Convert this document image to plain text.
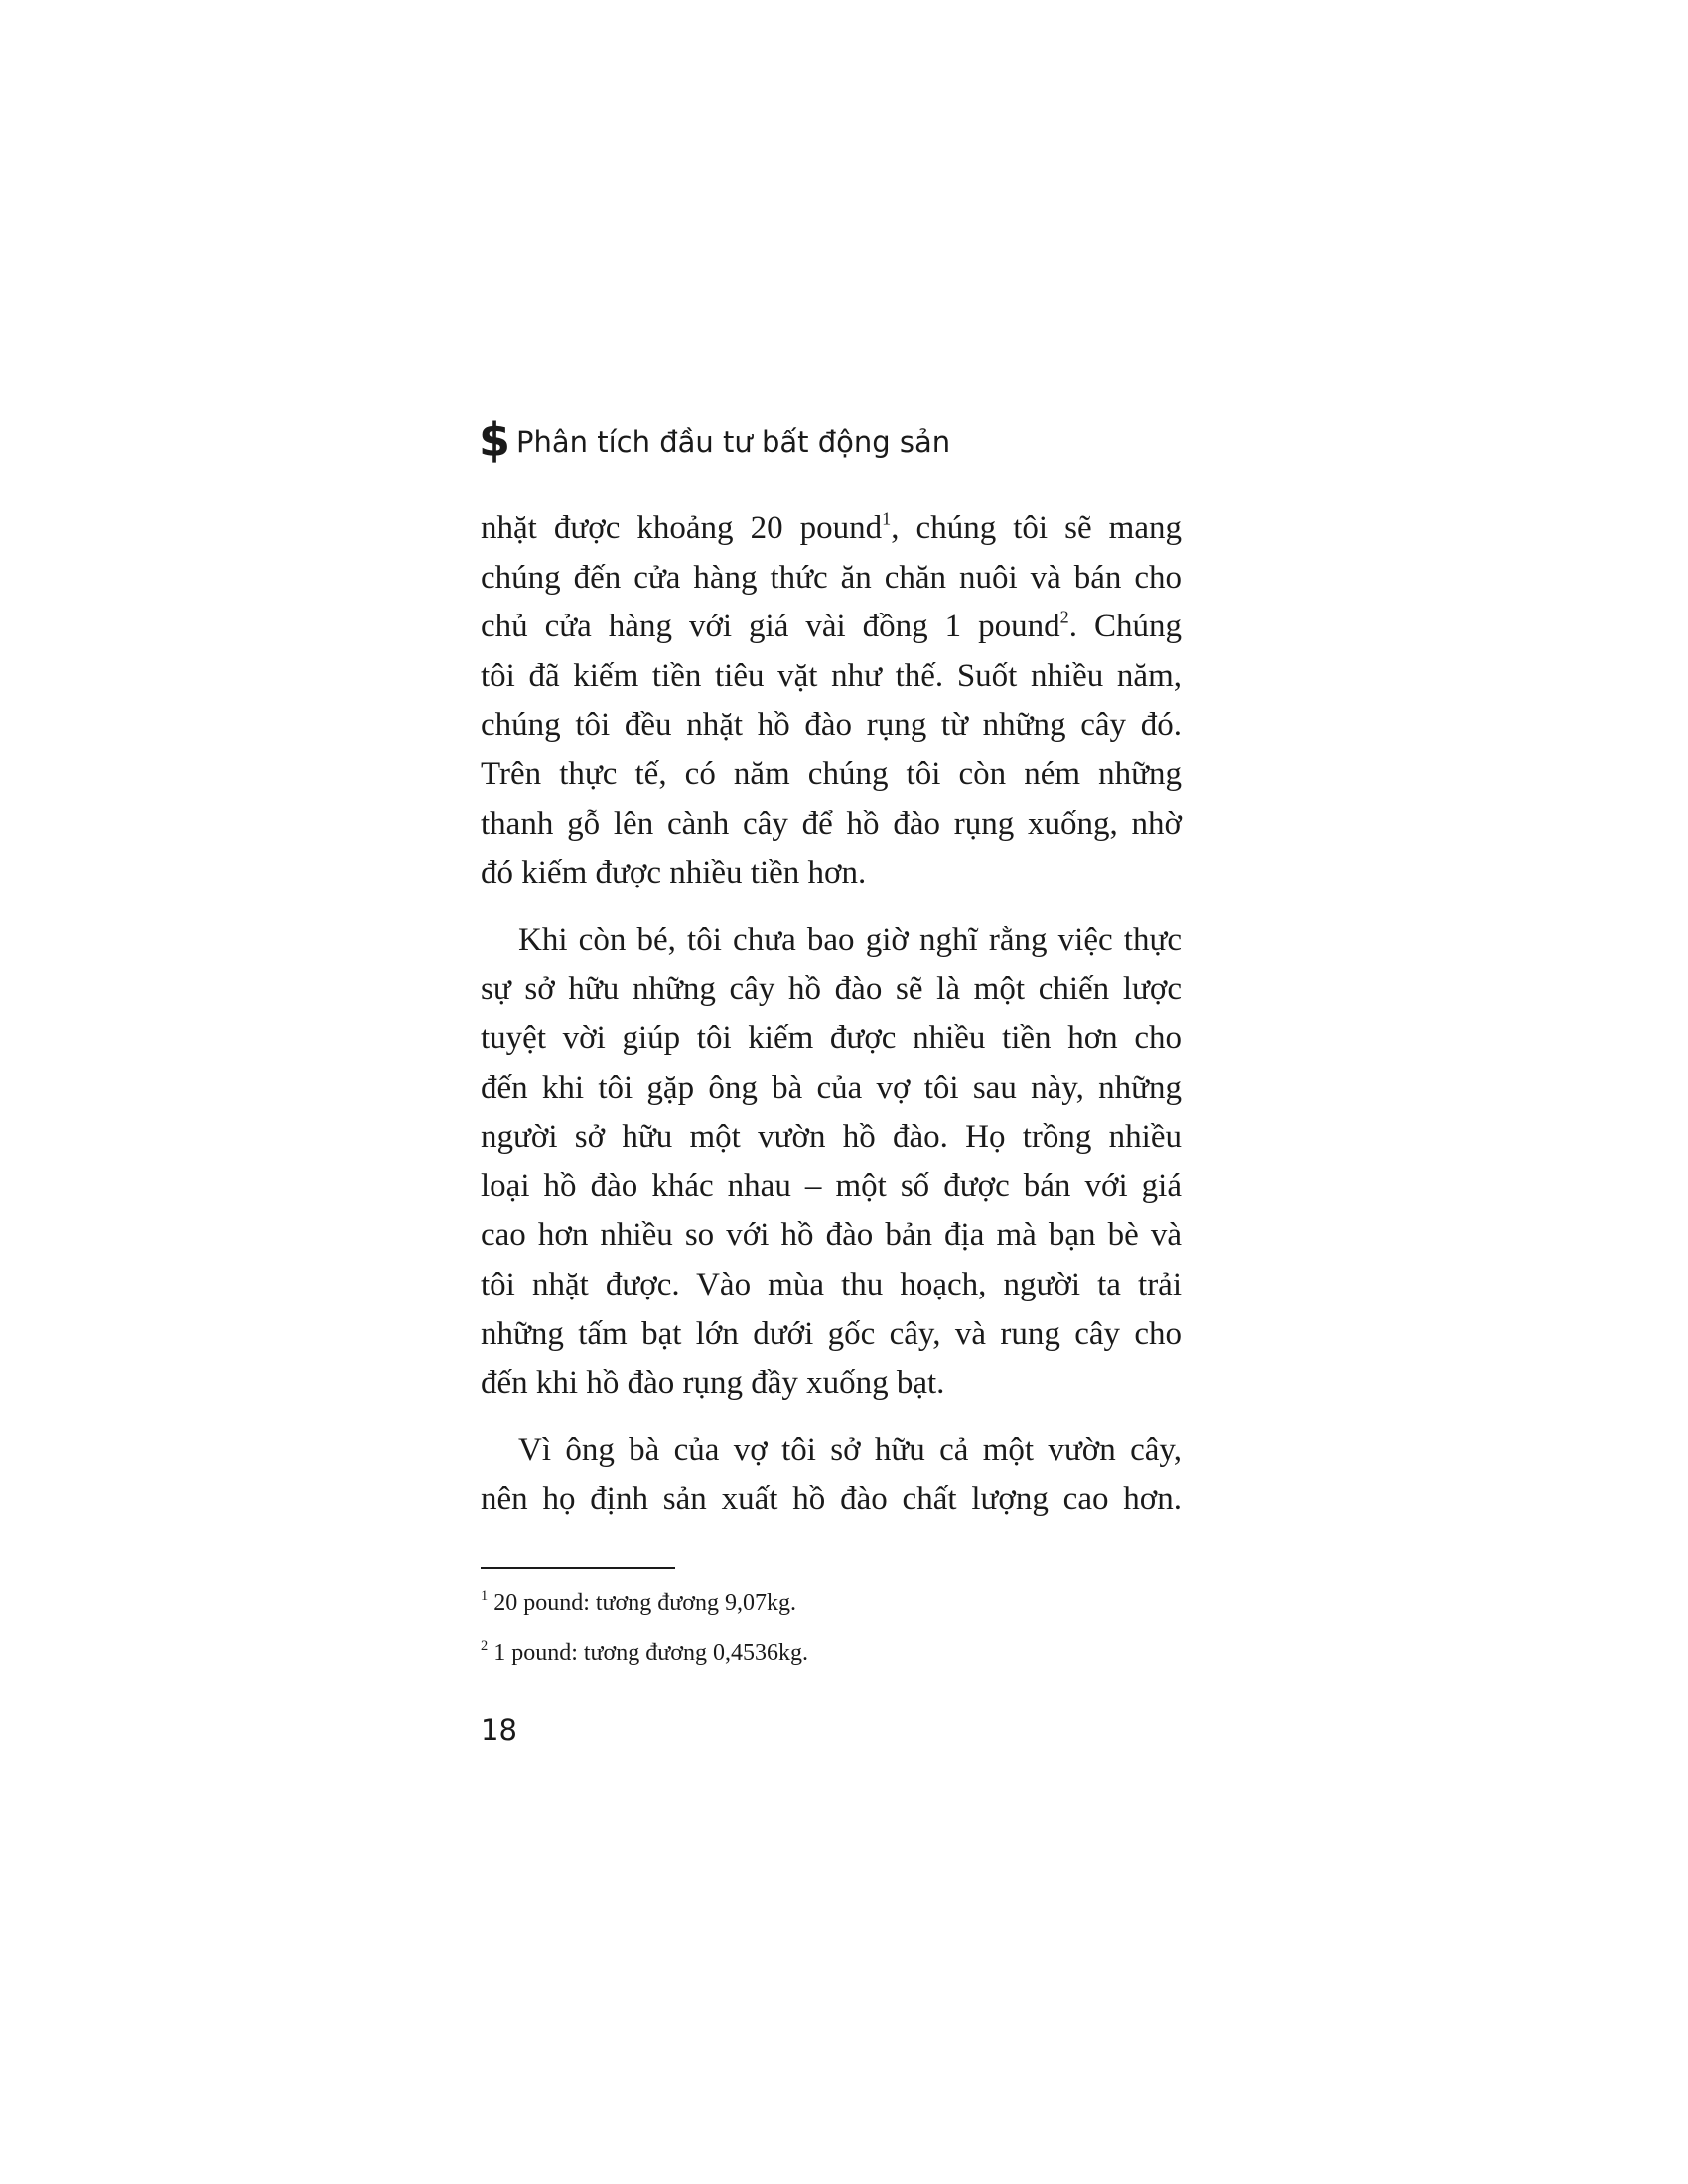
$ Phân tích đầu tư bất động sản

nhặt được khoảng 20 pound$^1$, chúng tôi sẽ mang
chúng đến cửa hàng thức ăn chăn nuôi và bán cho
chủ cửa hàng với giá vài đồng 1 pound$^2$. Chúng
tôi đã kiếm tiền tiêu vặt như thế. Suốt nhiều năm,
chúng tôi đều nhặt hồ đào rụng từ những cây đó.
Trên thực tế, có năm chúng tôi còn ném những
thanh gỗ lên cành cây để hồ đào rụng xuống, nhờ
đó kiếm được nhiều tiền hơn.

Khi còn bé, tôi chưa bao giờ nghĩ rằng việc thực
sự sở hữu những cây hồ đào sẽ là một chiến lược
tuyệt vời giúp tôi kiếm được nhiều tiền hơn cho
đến khi tôi gặp ông bà của vợ tôi sau này, những
người sở hữu một vườn hồ đào. Họ trồng nhiều
loại hồ đào khác nhau – một số được bán với giá
cao hơn nhiều so với hồ đào bản địa mà bạn bè và
tôi nhặt được. Vào mùa thu hoạch, người ta trải
những tấm bạt lớn dưới gốc cây, và rung cây cho
đến khi hồ đào rụng đầy xuống bạt.

Vì ông bà của vợ tôi sở hữu cả một vườn cây,
nên họ định sản xuất hồ đào chất lượng cao hơn.

$^1$ 20 pound: tương đương 9,07kg.
$^2$ 1 pound: tương đương 0,4536kg.
18
